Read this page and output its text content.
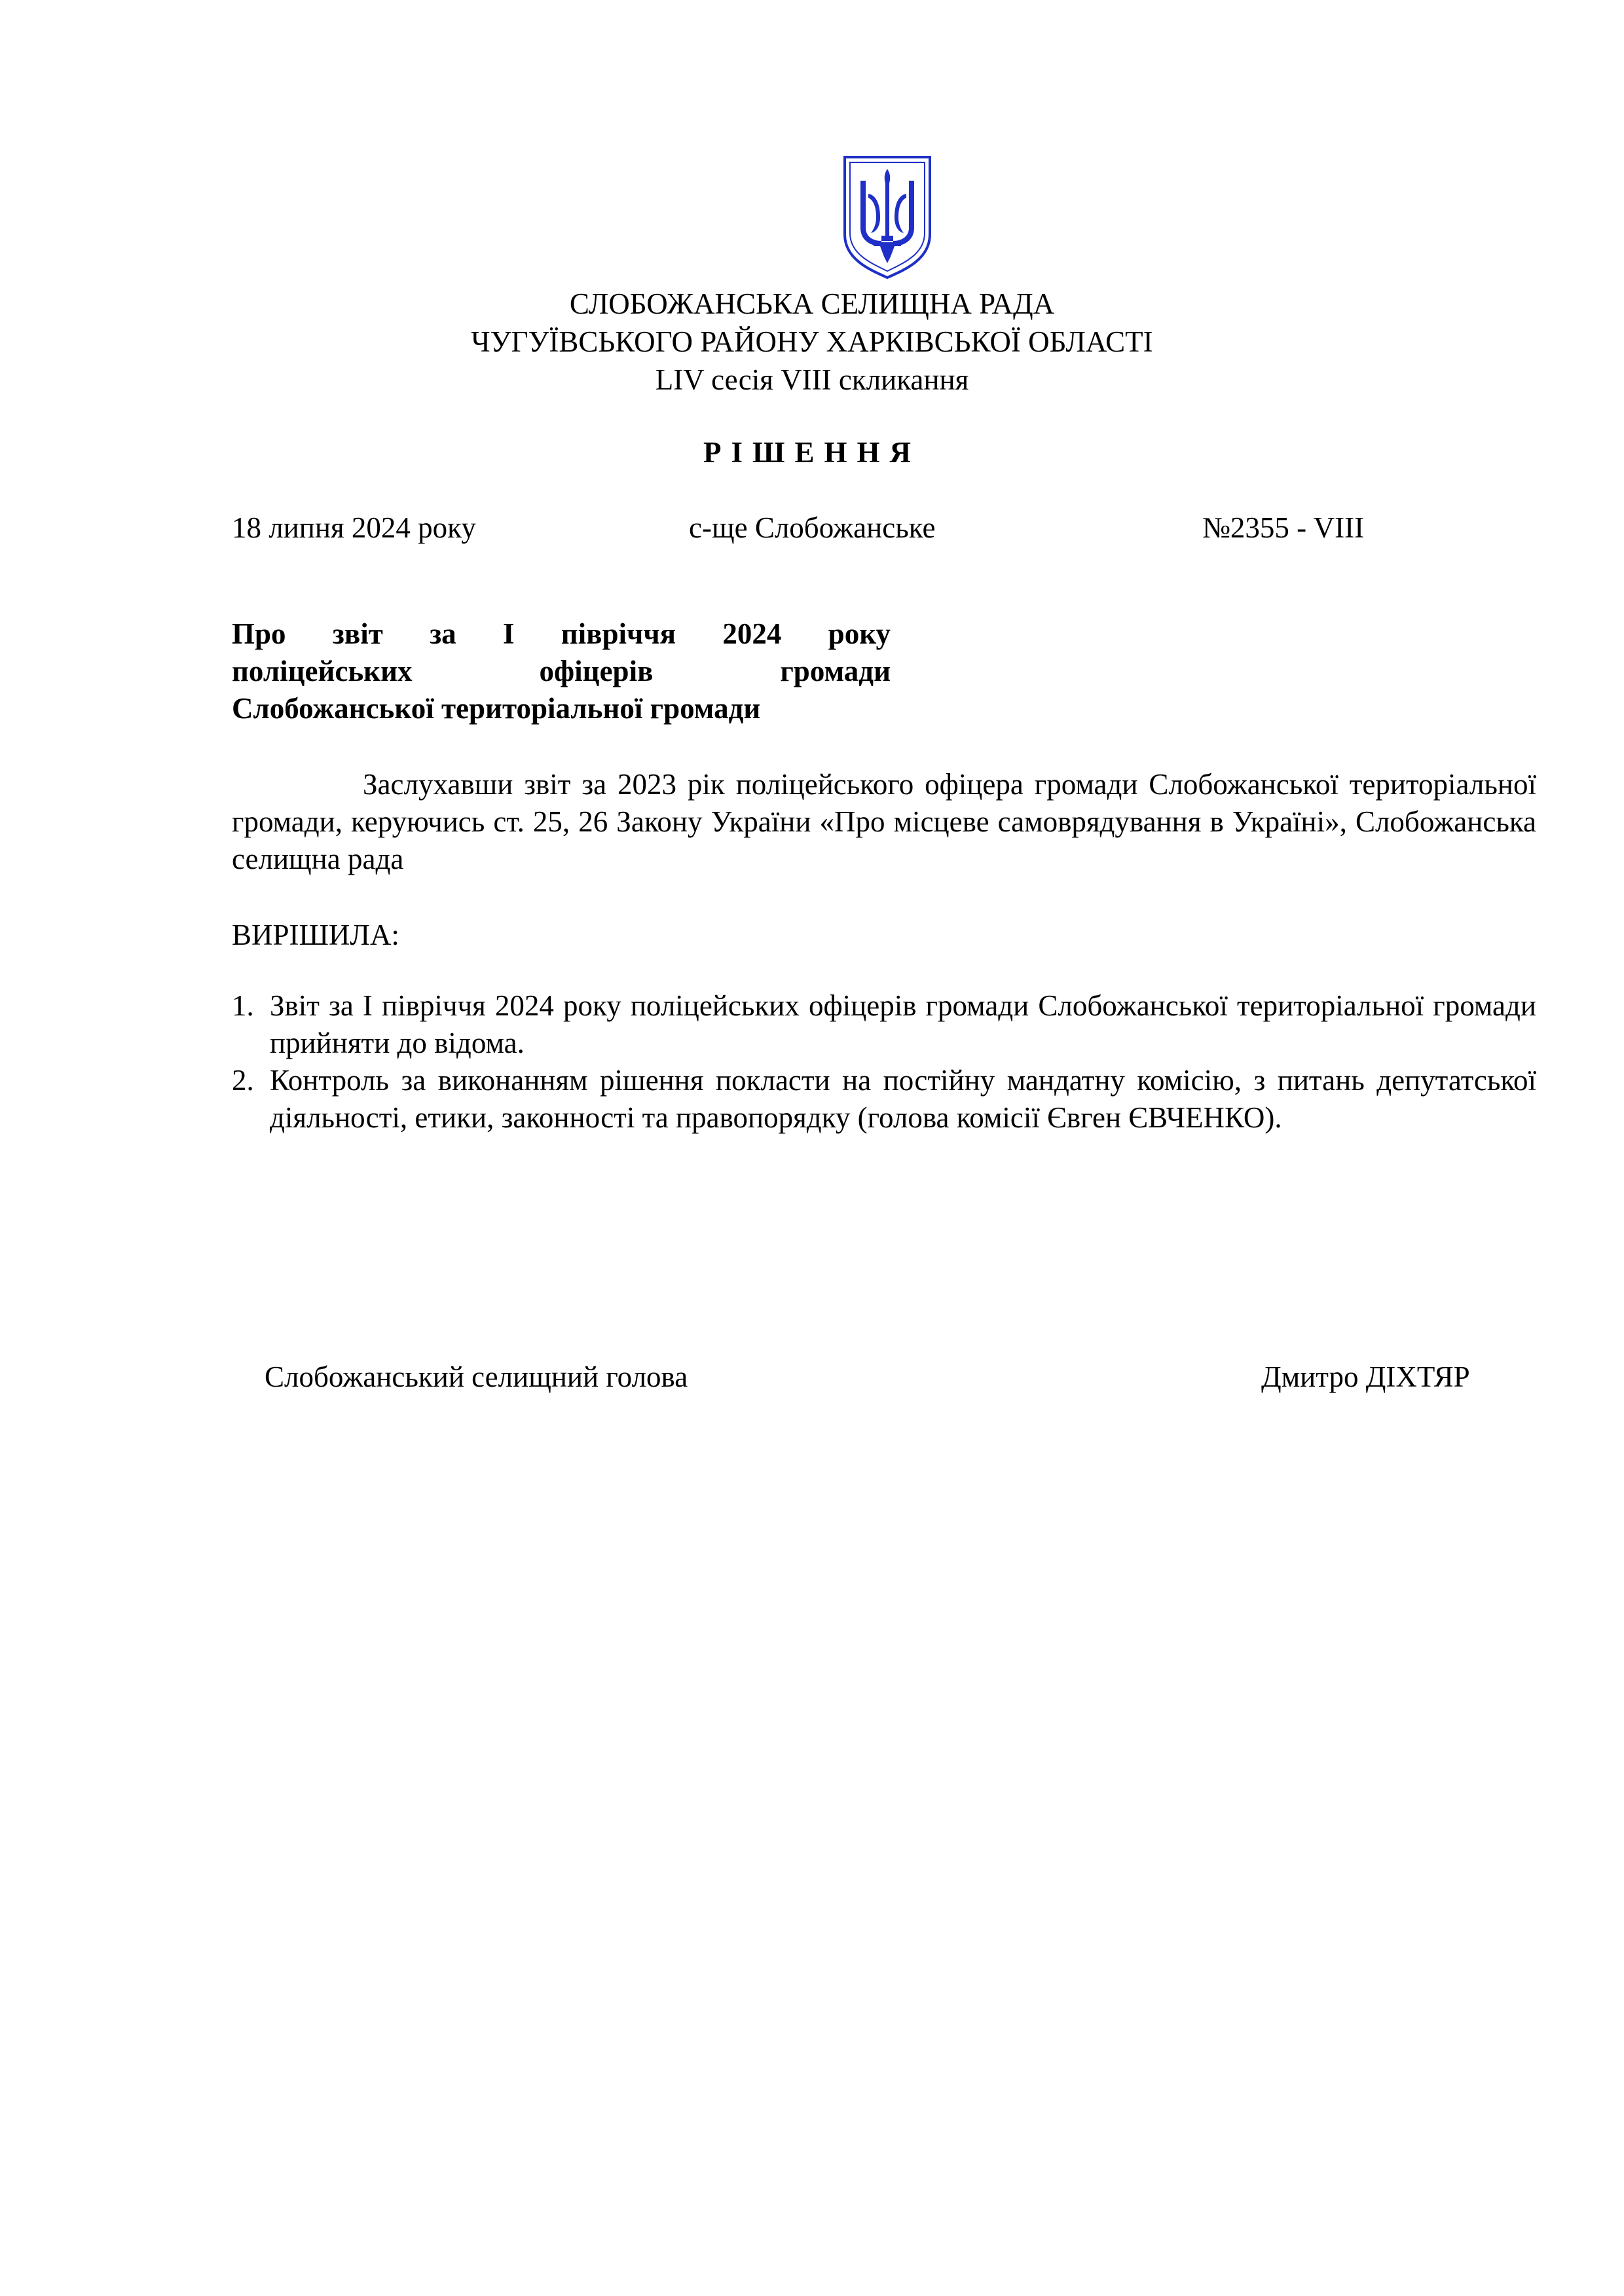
СЛОБОЖАНСЬКА СЕЛИЩНА РАДА
ЧУГУЇВСЬКОГО РАЙОНУ ХАРКІВСЬКОЇ ОБЛАСТІ
LIV сесія VIII скликання
РІШЕННЯ
18 липня 2024 року	с-ще Слобожанське	№2355 - VIII
Про звіт за І півріччя 2024 року
поліцейських офіцерів громади
Слобожанської територіальної громади
Заслухавши звіт за 2023 рік поліцейського офіцера громади Слобожанської територіальної громади, керуючись ст. 25, 26 Закону України «Про місцеве самоврядування в Україні», Слобожанська селищна рада
ВИРІШИЛА:
1. Звіт за І півріччя 2024 року поліцейських офіцерів громади Слобожанської територіальної громади прийняти до відома.
2. Контроль за виконанням рішення покласти на постійну мандатну комісію, з питань депутатської діяльності, етики, законності та правопорядку (голова комісії Євген ЄВЧЕНКО).
Слобожанський селищний голова	Дмитро ДІХТЯР
